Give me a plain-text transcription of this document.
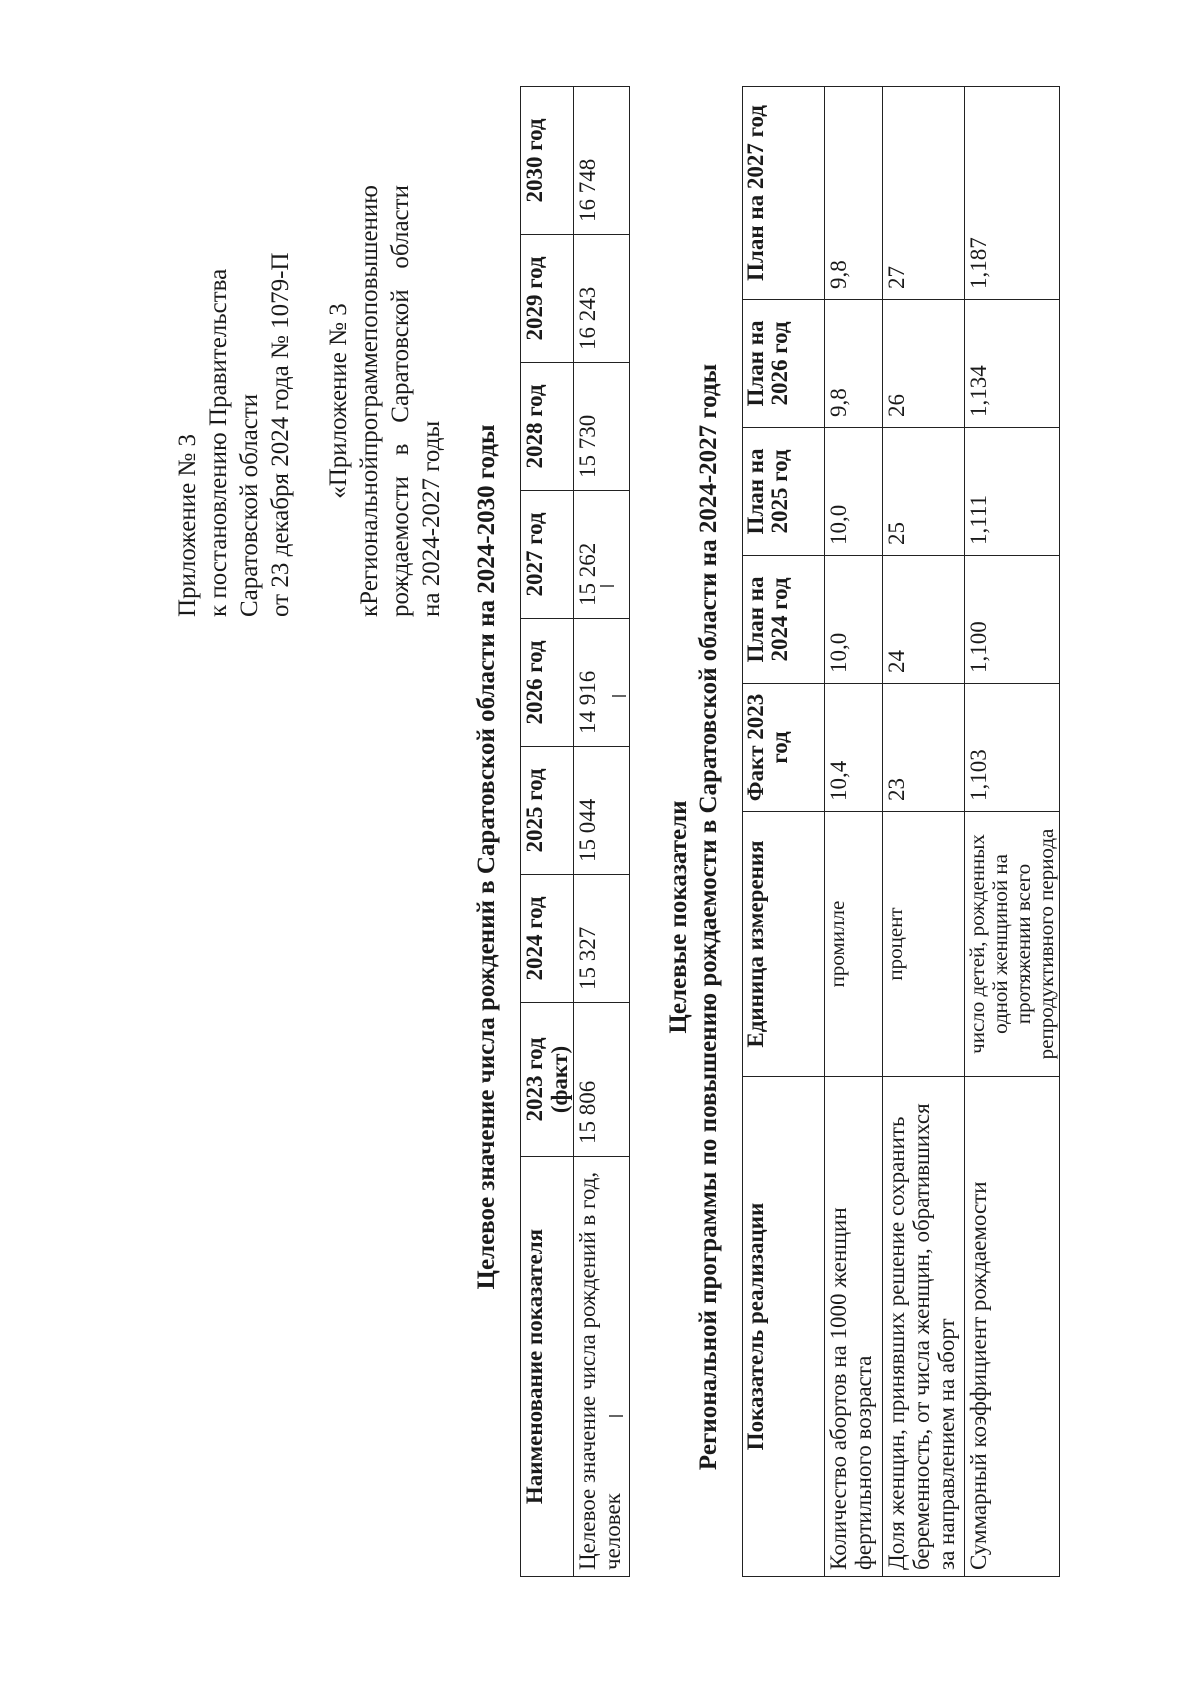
Приложение № 3 к постановлению Правительства Саратовской области от 23 декабря 2024 года № 1079-П «Приложение № 3
к
Региональной
программе
по
повышению
рождаемости
в
Саратовской
области
на 2024-2027 годы Целевое значение числа рождений в Саратовской области на 2024-2030 годы
Наименование показателя	2023 год (факт)	2024 год	2025 год	2026 год	2027 год	2028 год	2029 год	2030 год
Целевое значение числа рождений в год, человек	15 806	15 327	15 044	14 916	15 262	15 730	16 243	16 748
Целевые показатели Региональной программы по повышению рождаемости в Саратовской области на 2024-2027 годы Показатель реализации	Единица измерения	Факт 2023 год	План на 2024 год	План на 2025 год	План на 2026 год	План на 2027 год
Количество абортов на 1000 женщин фертильного возраста	промилле	10,4	10,0	10,0	9,8	9,8
Доля женщин, принявших решение сохранить беременность, от числа женщин, обратившихся за направлением на аборт	процент	23	24	25	26	27
Суммарный коэффициент рождаемости	число детей, рожденных одной женщиной на протяжении всего репродуктивного периода	1,103	1,100	1,111	1,134	1,187
